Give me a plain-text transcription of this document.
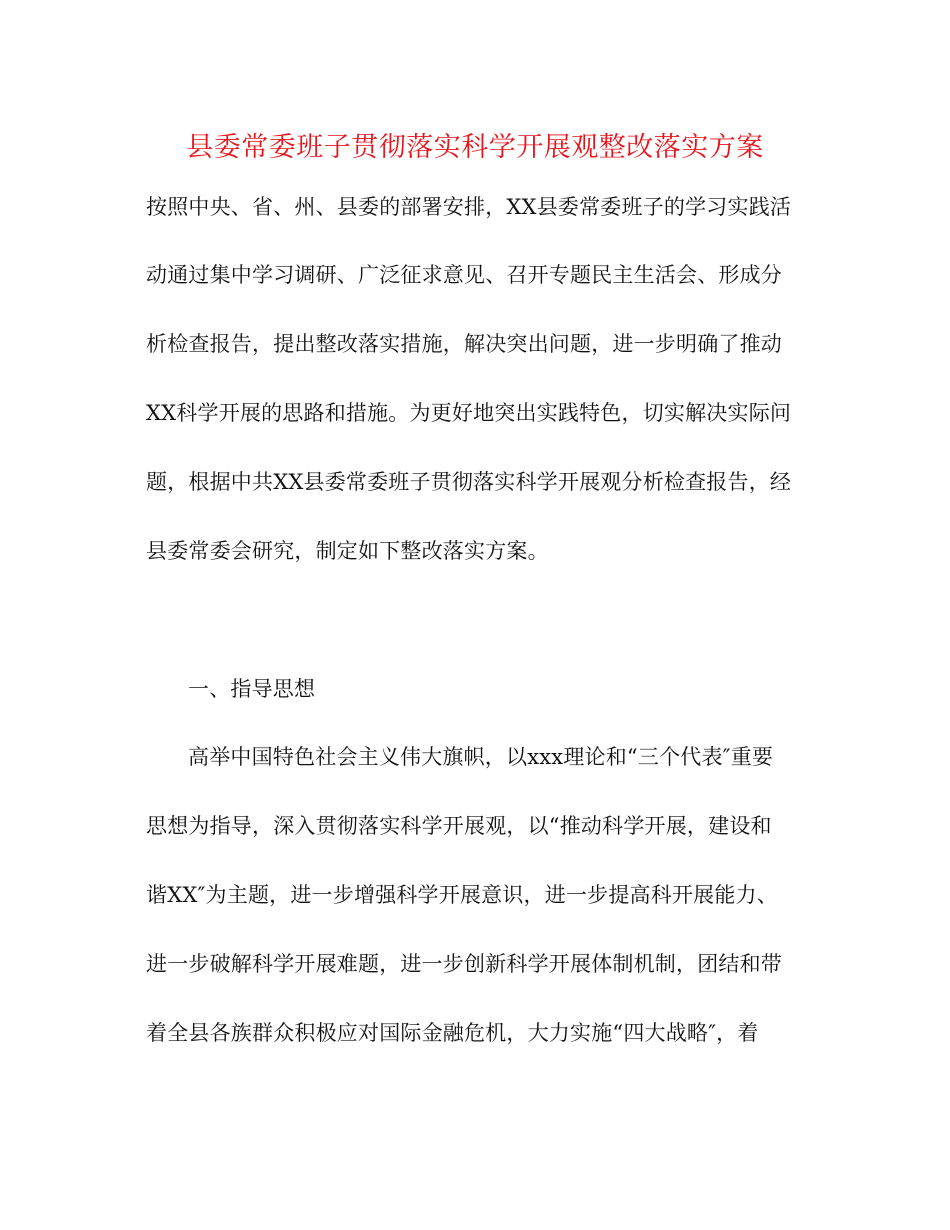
县委常委班子贯彻落实科学开展观整改落实方案
按照中央、省、州、县委的部署安排，XX县委常委班子的学习实践活
动通过集中学习调研、广泛征求意见、召开专题民主生活会、形成分
析检查报告，提出整改落实措施，解决突出问题，进一步明确了推动
XX科学开展的思路和措施。为更好地突出实践特色，切实解决实际问
题，根据中共XX县委常委班子贯彻落实科学开展观分析检查报告，经
县委常委会研究，制定如下整改落实方案。
一、指导思想
高举中国特色社会主义伟大旗帜，以xxx理论和“三个代表″重要
思想为指导，深入贯彻落实科学开展观，以“推动科学开展，建设和
谐XX″为主题，进一步增强科学开展意识，进一步提高科开展能力、
进一步破解科学开展难题，进一步创新科学开展体制机制，团结和带
着全县各族群众积极应对国际金融危机，大力实施“四大战略″，着
